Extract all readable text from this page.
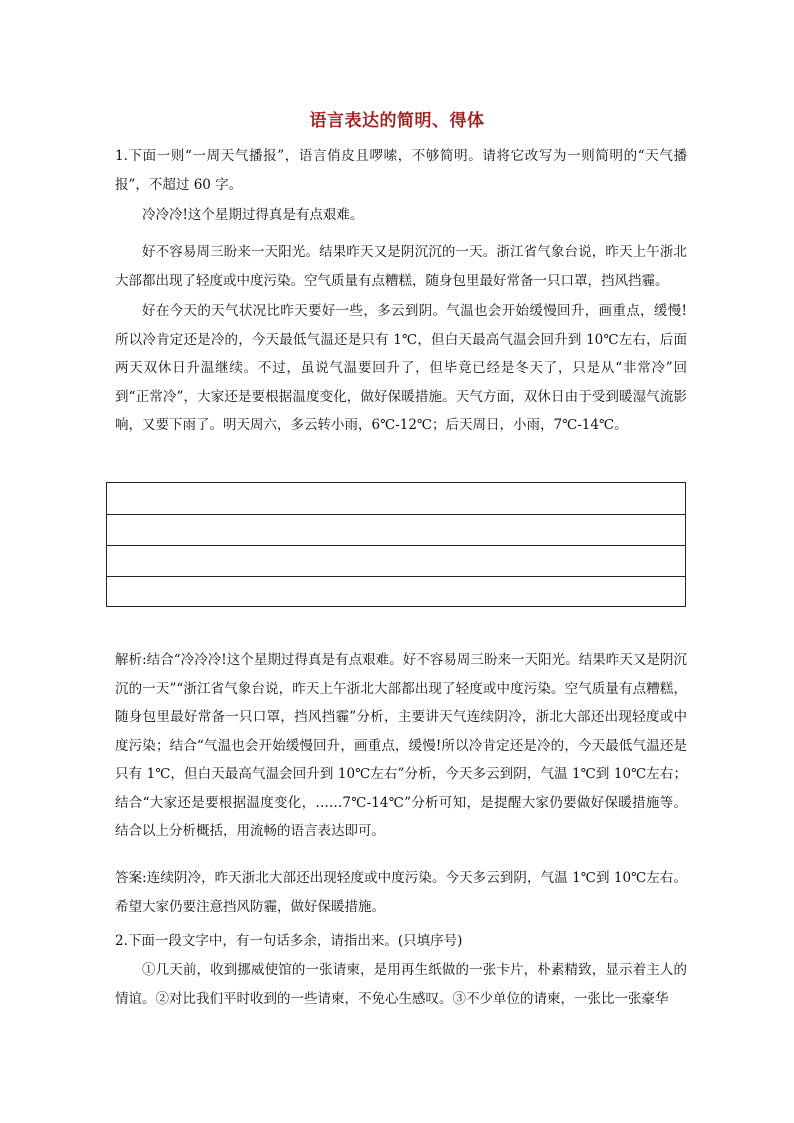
语言表达的简明、得体
1.下面一则“一周天气播报”，语言俏皮且啰嗦，不够简明。请将它改写为一则简明的“天气播报”，不超过 60 字。
冷冷冷!这个星期过得真是有点艰难。
好不容易周三盼来一天阳光。结果昨天又是阴沉沉的一天。浙江省气象台说，昨天上午浙北大部都出现了轻度或中度污染。空气质量有点糟糕，随身包里最好常备一只口罩，挡风挡霾。
好在今天的天气状况比昨天要好一些，多云到阴。气温也会开始缓慢回升，画重点，缓慢!所以冷肯定还是冷的，今天最低气温还是只有 1℃，但白天最高气温会回升到 10℃左右，后面两天双休日升温继续。不过，虽说气温要回升了，但毕竟已经是冬天了，只是从“非常冷”回到“正常冷”，大家还是要根据温度变化，做好保暖措施。天气方面，双休日由于受到暖湿气流影响，又要下雨了。明天周六，多云转小雨，6℃-12℃；后天周日，小雨，7℃-14℃。
解析:结合“冷冷冷!这个星期过得真是有点艰难。好不容易周三盼来一天阳光。结果昨天又是阴沉沉的一天”“浙江省气象台说，昨天上午浙北大部都出现了轻度或中度污染。空气质量有点糟糕，随身包里最好常备一只口罩，挡风挡霾”分析，主要讲天气连续阴冷，浙北大部还出现轻度或中度污染；结合“气温也会开始缓慢回升，画重点，缓慢!所以冷肯定还是冷的，今天最低气温还是只有 1℃，但白天最高气温会回升到 10℃左右”分析，今天多云到阴，气温 1℃到 10℃左右；结合“大家还是要根据温度变化，……7℃-14℃”分析可知，是提醒大家仍要做好保暖措施等。结合以上分析概括，用流畅的语言表达即可。
答案:连续阴冷，昨天浙北大部还出现轻度或中度污染。今天多云到阴，气温 1℃到 10℃左右。希望大家仍要注意挡风防霾，做好保暖措施。
2.下面一段文字中，有一句话多余，请指出来。(只填序号)
①几天前，收到挪威使馆的一张请柬，是用再生纸做的一张卡片，朴素精致，显示着主人的情谊。②对比我们平时收到的一些请柬，不免心生感叹。③不少单位的请柬，一张比一张豪华
